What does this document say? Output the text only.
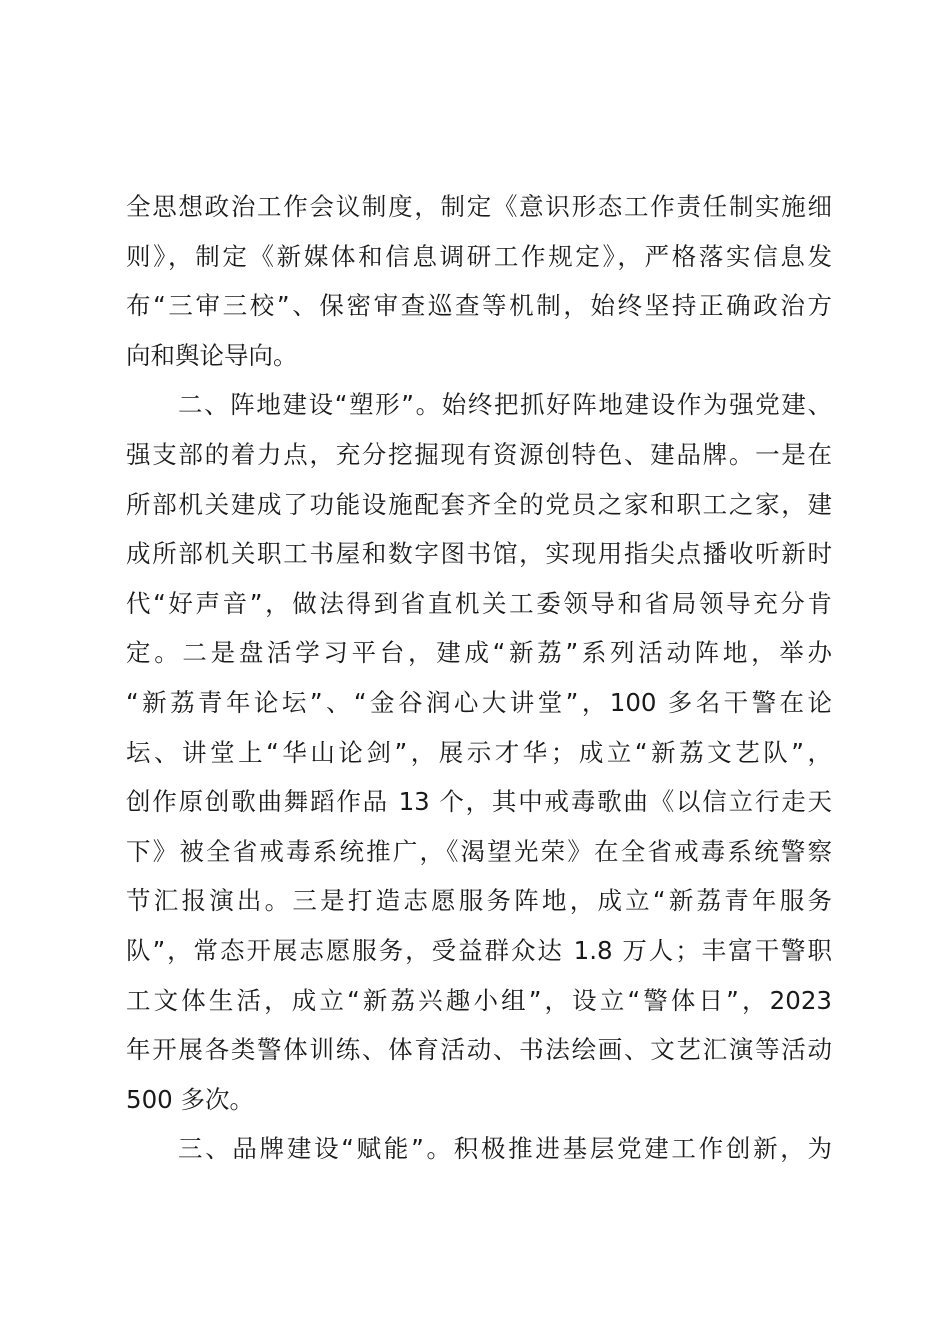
全思想政治工作会议制度，制定《意识形态工作责任制实施细
则》，制定《新媒体和信息调研工作规定》，严格落实信息发
布“三审三校”、保密审查巡查等机制，始终坚持正确政治方
向和舆论导向。
二、阵地建设“塑形”。始终把抓好阵地建设作为强党建、
强支部的着力点，充分挖掘现有资源创特色、建品牌。一是在
所部机关建成了功能设施配套齐全的党员之家和职工之家，建
成所部机关职工书屋和数字图书馆，实现用指尖点播收听新时
代“好声音”，做法得到省直机关工委领导和省局领导充分肯
定。二是盘活学习平台，建成“新荔”系列活动阵地，举办
“新荔青年论坛”、“金谷润心大讲堂”，100 多名干警在论
坛、讲堂上“华山论剑”，展示才华；成立“新荔文艺队”，
创作原创歌曲舞蹈作品 13 个，其中戒毒歌曲《以信立行走天
下》被全省戒毒系统推广，《渴望光荣》在全省戒毒系统警察
节汇报演出。三是打造志愿服务阵地，成立“新荔青年服务
队”，常态开展志愿服务，受益群众达 1.8 万人；丰富干警职
工文体生活，成立“新荔兴趣小组”，设立“警体日”，2023
年开展各类警体训练、体育活动、书法绘画、文艺汇演等活动
500 多次。
三、品牌建设“赋能”。积极推进基层党建工作创新，为
